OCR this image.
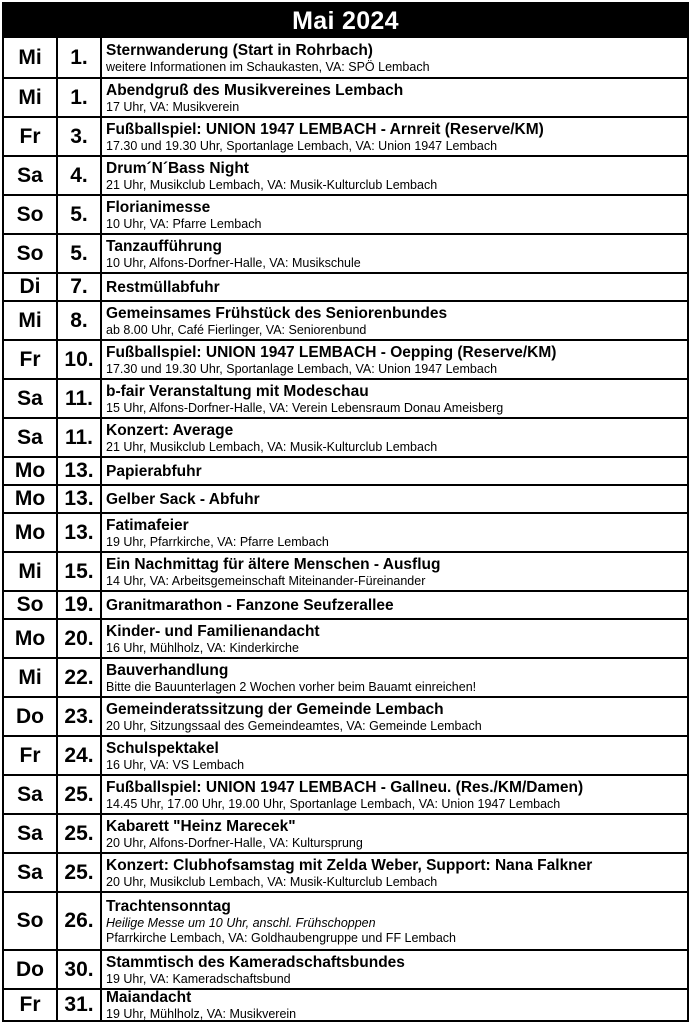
Mai 2024
Mi	1.	Sternwanderung (Start in Rohrbach)
weitere Informationen im Schaukasten, VA: SPÖ Lembach
Mi	1.	Abendgruß des Musikvereines Lembach
17 Uhr, VA: Musikverein
Fr	3.	Fußballspiel: UNION 1947 LEMBACH - Arnreit (Reserve/KM)
17.30 und 19.30 Uhr, Sportanlage Lembach, VA: Union 1947 Lembach
Sa	4.	Drum´N´Bass Night
21 Uhr, Musikclub Lembach, VA: Musik-Kulturclub Lembach
So	5.	Florianimesse
10 Uhr, VA: Pfarre Lembach
So	5.	Tanzaufführung
10 Uhr, Alfons-Dorfner-Halle, VA: Musikschule
Di	7.	Restmüllabfuhr
Mi	8.	Gemeinsames Frühstück des Seniorenbundes
ab 8.00 Uhr, Café Fierlinger, VA: Seniorenbund
Fr	10. Fußballspiel: UNION 1947 LEMBACH - Oepping (Reserve/KM)
17.30 und 19.30 Uhr, Sportanlage Lembach, VA: Union 1947 Lembach
Sa	11. b-fair Veranstaltung mit Modeschau
15 Uhr, Alfons-Dorfner-Halle, VA: Verein Lebensraum Donau Ameisberg
Sa	11. Konzert: Average
21 Uhr, Musikclub Lembach, VA: Musik-Kulturclub Lembach
Mo 13. Papierabfuhr
Mo 13. Gelber Sack - Abfuhr
Mo 13. Fatimafeier
19 Uhr, Pfarrkirche, VA: Pfarre Lembach
Mi	15. Ein Nachmittag für ältere Menschen - Ausflug
14 Uhr, VA: Arbeitsgemeinschaft Miteinander-Füreinander
So 19. Granitmarathon - Fanzone Seufzerallee
Mo 20. Kinder- und Familienandacht
16 Uhr, Mühlholz, VA: Kinderkirche
Mi	22. Bauverhandlung
Bitte die Bauunterlagen 2 Wochen vorher beim Bauamt einreichen!
Do 23. Gemeinderatssitzung der Gemeinde Lembach
20 Uhr, Sitzungssaal des Gemeindeamtes, VA: Gemeinde Lembach
Fr	24. Schulspektakel
16 Uhr, VA: VS Lembach
Sa	25. Fußballspiel: UNION 1947 LEMBACH - Gallneu. (Res./KM/Damen)
14.45 Uhr, 17.00 Uhr, 19.00 Uhr, Sportanlage Lembach, VA: Union 1947 Lembach
Sa	25. Kabarett "Heinz Marecek"
20 Uhr, Alfons-Dorfner-Halle, VA: Kultursprung
Sa	25. Konzert: Clubhofsamstag mit Zelda Weber, Support: Nana Falkner
20 Uhr, Musikclub Lembach, VA: Musik-Kulturclub Lembach
So 26.
Trachtensonntag
Heilige Messe um 10 Uhr, anschl. Frühschoppen
Pfarrkirche Lembach, VA: Goldhaubengruppe und FF Lembach
Do 30. Stammtisch des Kameradschaftsbundes
19 Uhr, VA: Kameradschaftsbund
Fr	31. Maiandacht
19 Uhr, Mühlholz, VA: Musikverein
